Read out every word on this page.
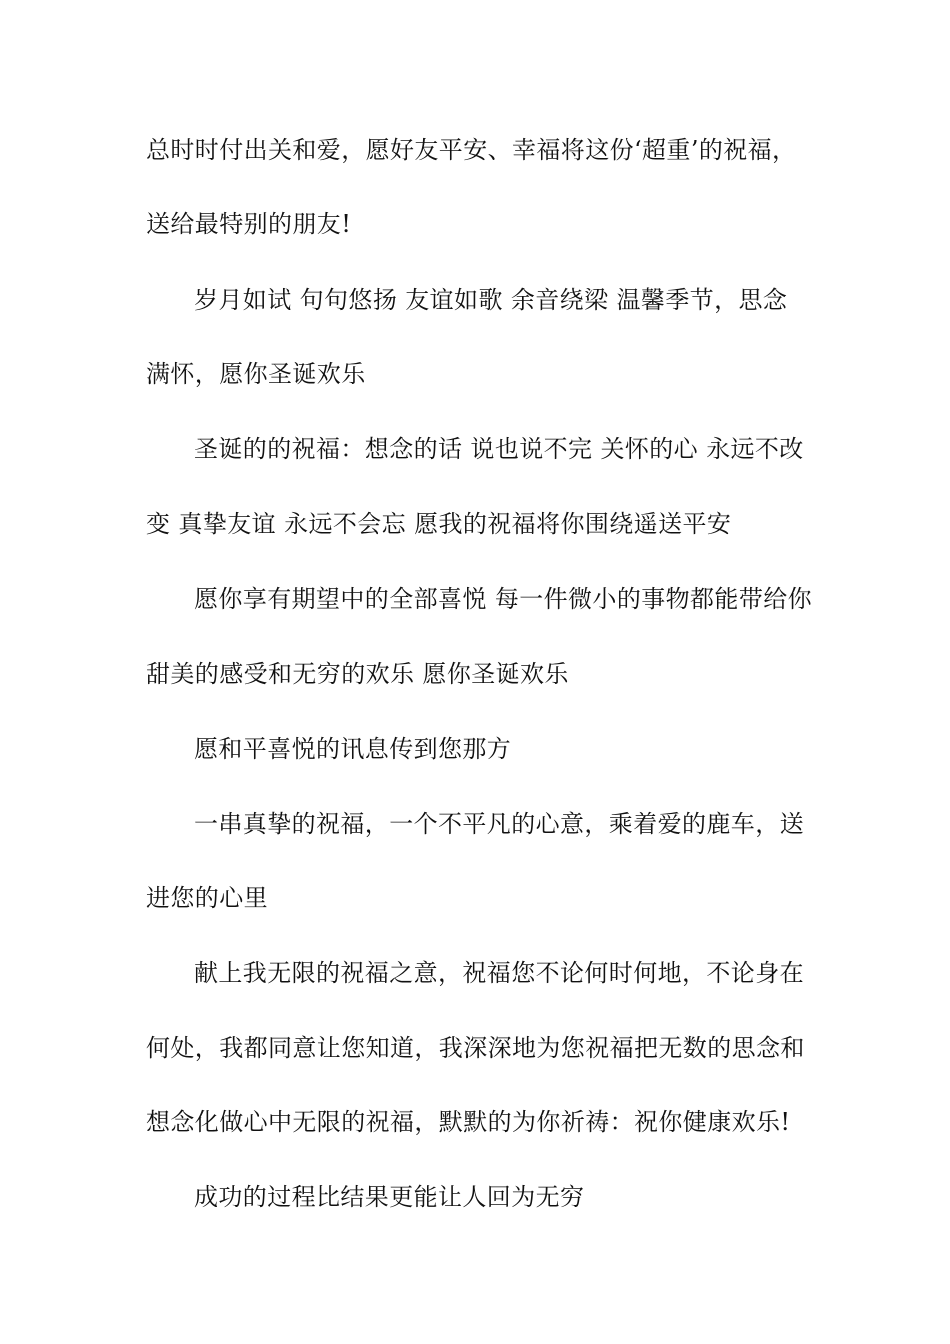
总时时付出关和爱，愿好友平安、幸福将这份‘超重’的祝福，
送给最特别的朋友!
岁月如试 句句悠扬 友谊如歌 余音绕梁 温馨季节，思念
满怀，愿你圣诞欢乐
圣诞的的祝福：想念的话 说也说不完 关怀的心 永远不改
变 真挚友谊 永远不会忘 愿我的祝福将你围绕遥送平安
愿你享有期望中的全部喜悦 每一件微小的事物都能带给你
甜美的感受和无穷的欢乐 愿你圣诞欢乐
愿和平喜悦的讯息传到您那方
一串真挚的祝福，一个不平凡的心意，乘着爱的鹿车，送
进您的心里
献上我无限的祝福之意，祝福您不论何时何地，不论身在
何处，我都同意让您知道，我深深地为您祝福把无数的思念和
想念化做心中无限的祝福，默默的为你祈祷：祝你健康欢乐!
成功的过程比结果更能让人回为无穷
